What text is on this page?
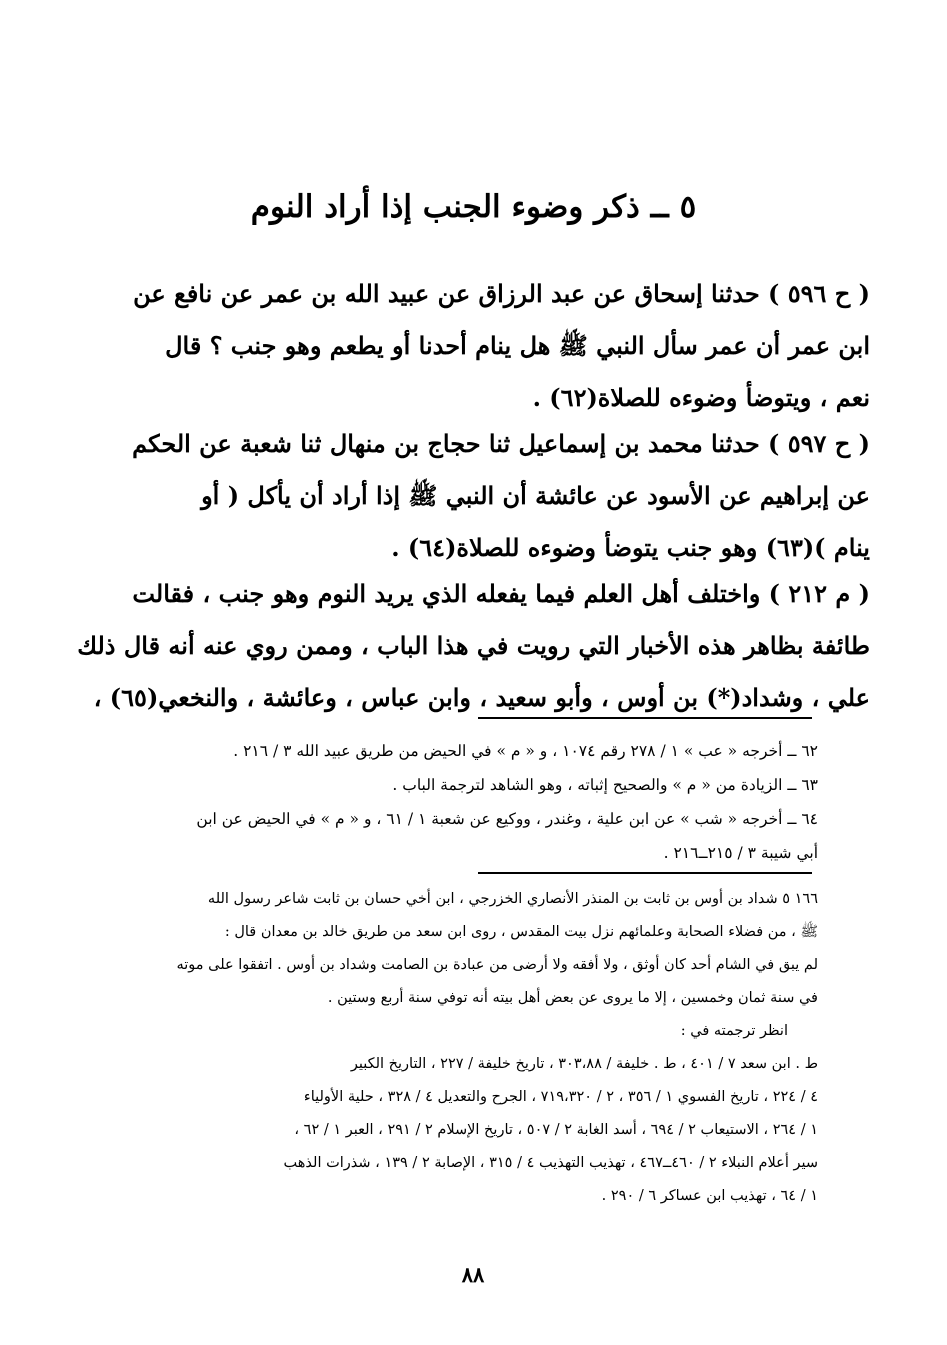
٥ ــ ذكر وضوء الجنب إذا أراد النوم
( ح ٥٩٦ ) حدثنا إسحاق عن عبد الرزاق عن عبيد الله بن عمر عن نافع عن
ابن عمر أن عمر سأل النبي ﷺ هل ينام أحدنا أو يطعم وهو جنب ؟ قال
نعم ، ويتوضأ وضوءه للصلاة(٦٢) .
( ح ٥٩٧ ) حدثنا محمد بن إسماعيل ثنا حجاج بن منهال ثنا شعبة عن الحكم
عن إبراهيم عن الأسود عن عائشة أن النبي ﷺ إذا أراد أن يأكل ( أو
ينام )(٦٣) وهو جنب يتوضأ وضوءه للصلاة(٦٤) .
( م ٢١٢ ) واختلف أهل العلم فيما يفعله الذي يريد النوم وهو جنب ، فقالت
طائفة بظاهر هذه الأخبار التي رويت في هذا الباب ، وممن روي عنه أنه قال ذلك
علي ، وشداد(*) بن أوس ، وأبو سعيد ، وابن عباس ، وعائشة ، والنخعي(٦٥) ،
٦٢ ــ أخرجه « عب » ١ / ٢٧٨ رقم ١٠٧٤ ، و « م » في الحيض من طريق عبيد الله ٣ / ٢١٦ .
٦٣ ــ الزيادة من « م » والصحيح إثباته ، وهو الشاهد لترجمة الباب .
٦٤ ــ أخرجه « شب » عن ابن علية ، وغندر ، ووكيع عن شعبة ١ / ٦١ ، و « م » في الحيض عن ابن
أبي شيبة ٣ / ٢١٥ــ٢١٦ .
١٦٦ ٥ شداد بن أوس بن ثابت بن المنذر الأنصاري الخزرجي ، ابن أخي حسان بن ثابت شاعر رسول الله
ﷺ ، من فضلاء الصحابة وعلمائهم نزل بيت المقدس ، روى ابن سعد من طريق خالد بن معدان قال :
لم يبق في الشام أحد كان أوثق ، ولا أفقه ولا أرضى من عبادة بن الصامت وشداد بن أوس . اتفقوا على موته
في سنة ثمان وخمسين ، إلا ما يروى عن بعض أهل بيته أنه توفي سنة أربع وستين .
انظر ترجمته في :
ط . ابن سعد ٧ / ٤٠١ ، ط . خليفة / ٣٠٣،٨٨ ، تاريخ خليفة / ٢٢٧ ، التاريخ الكبير
٤ / ٢٢٤ ، تاريخ الفسوي ١ / ٣٥٦ ، ٢ / ٧١٩،٣٢٠ ، الجرح والتعديل ٤ / ٣٢٨ ، حلية الأولياء
١ / ٢٦٤ ، الاستيعاب ٢ / ٦٩٤ ، أسد الغابة ٢ / ٥٠٧ ، تاريخ الإسلام ٢ / ٢٩١ ، العبر ١ / ٦٢ ،
سير أعلام النبلاء ٢ / ٤٦٠ــ٤٦٧ ، تهذيب التهذيب ٤ / ٣١٥ ، الإصابة ٢ / ١٣٩ ، شذرات الذهب
١ / ٦٤ ، تهذيب ابن عساكر ٦ / ٢٩٠ .
٨٨
